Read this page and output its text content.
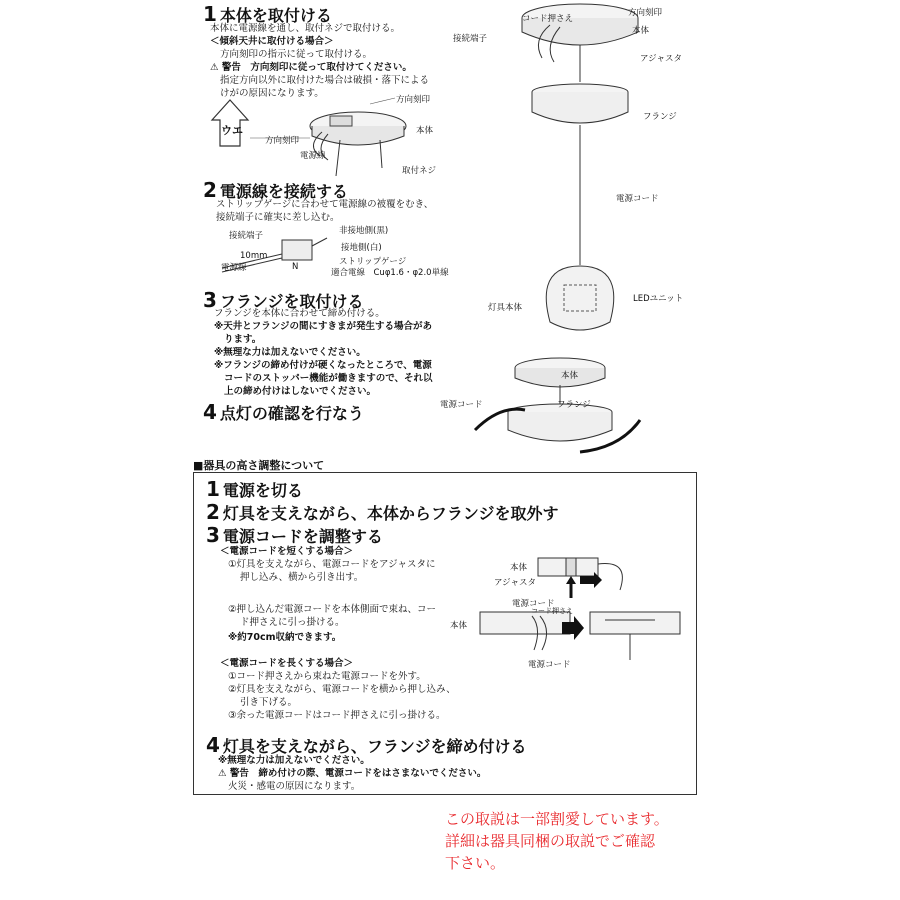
1 本体を取付ける
本体に電源線を通し、取付ネジで取付ける。
＜傾斜天井に取付ける場合＞
方向刻印の指示に従って取付ける。
⚠ 警告　方向刻印に従って取付けてください。
指定方向以外に取付けた場合は破損・落下による
けがの原因になります。
ウエ
方向刻印
方向刻印
本体
電源線
取付ネジ
2 電源線を接続する
ストリップゲージに合わせて電源線の被覆をむき、
接続端子に確実に差し込む。
接続端子	非接地側(黒)
接地側(白)
10mm
電源線	N	ストリップゲージ
適合電線　Cuφ1.6・φ2.0単線
3 フランジを取付ける
フランジを本体に合わせて締め付ける。
※天井とフランジの間にすきまが発生する場合があ
ります。
※無理な力は加えないでください。
※フランジの締め付けが硬くなったところで、電源
コードのストッパー機能が働きますので、それ以
上の締め付けはしないでください。
4 点灯の確認を行なう
コード押さえ
方向刻印
本体
接続端子
アジャスタ
フランジ
電源コード
LEDユニット
灯具本体
本体
電源コード	フランジ
■器具の高さ調整について
1 電源を切る
2 灯具を支えながら、本体からフランジを取外す
3 電源コードを調整する
＜電源コードを短くする場合＞
①灯具を支えながら、電源コードをアジャスタに
押し込み、横から引き出す。
②押し込んだ電源コードを本体側面で束ね、コー
ド押さえに引っ掛ける。
※約70cm収納できます。
＜電源コードを長くする場合＞
①コード押さえから束ねた電源コードを外す。
②灯具を支えながら、電源コードを横から押し込み、
引き下げる。
③余った電源コードはコード押さえに引っ掛ける。
本体
アジャスタ
電源コード
コード押さえ
本体
電源コード
4 灯具を支えながら、フランジを締め付ける
※無理な力は加えないでください。
⚠ 警告　締め付けの際、電源コードをはさまないでください。
火災・感電の原因になります。
この取説は一部割愛しています。
詳細は器具同梱の取説でご確認
下さい。
